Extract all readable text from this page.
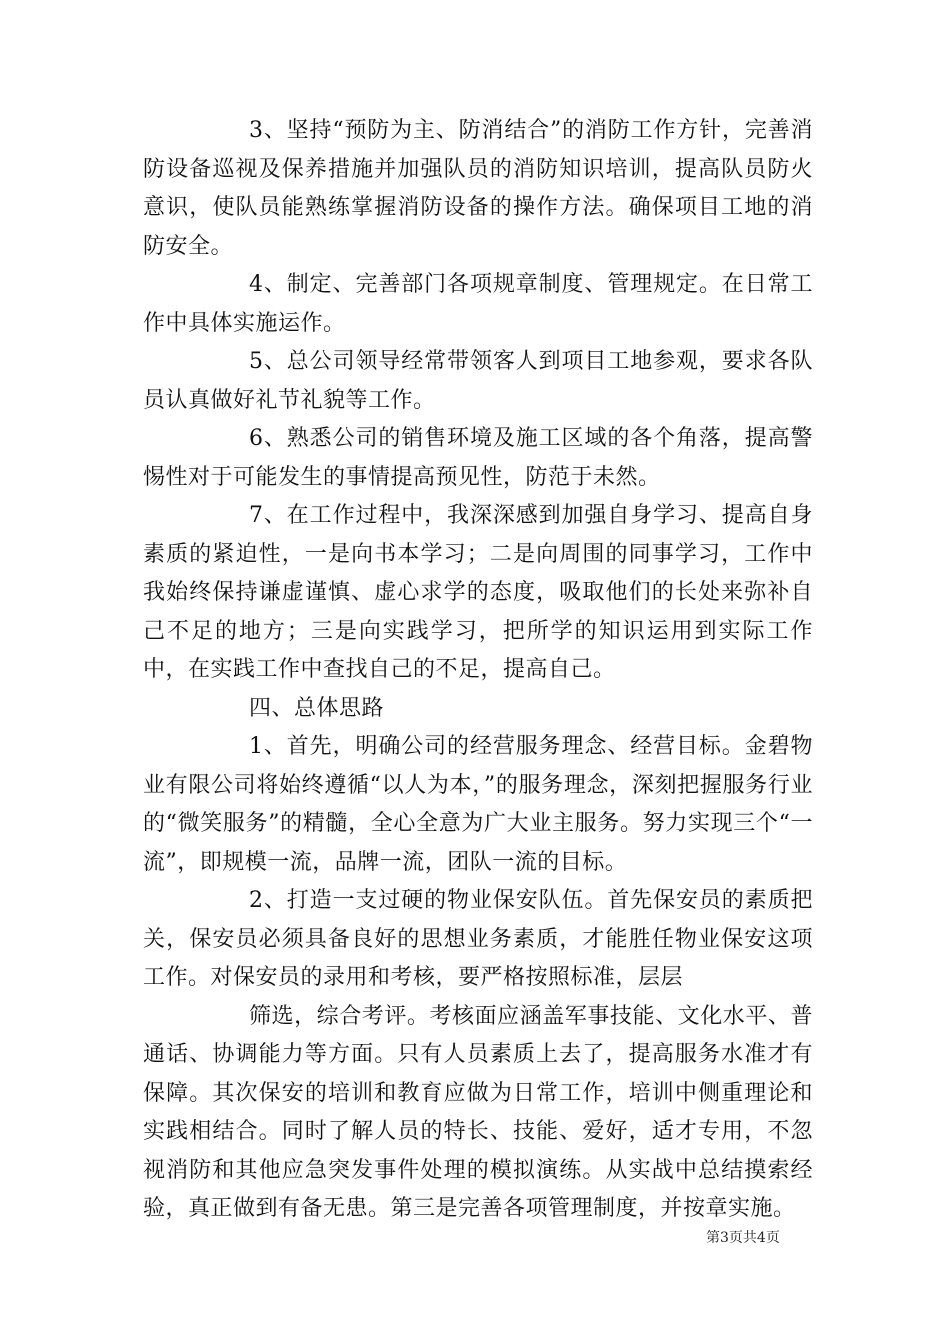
3、坚持“预防为主、防消结合”的消防工作方针，完善消防设备巡视及保养措施并加强队员的消防知识培训，提高队员防火意识，使队员能熟练掌握消防设备的操作方法。确保项目工地的消防安全。

4、制定、完善部门各项规章制度、管理规定。在日常工作中具体实施运作。

5、总公司领导经常带领客人到项目工地参观，要求各队员认真做好礼节礼貌等工作。

6、熟悉公司的销售环境及施工区域的各个角落，提高警惕性对于可能发生的事情提高预见性，防范于未然。

7、在工作过程中，我深深感到加强自身学习、提高自身素质的紧迫性，一是向书本学习；二是向周围的同事学习，工作中我始终保持谦虚谨慎、虚心求学的态度，吸取他们的长处来弥补自己不足的地方；三是向实践学习，把所学的知识运用到实际工作中，在实践工作中查找自己的不足，提高自己。

四、总体思路

1、首先，明确公司的经营服务理念、经营目标。金碧物业有限公司将始终遵循“以人为本，”的服务理念，深刻把握服务行业的“微笑服务”的精髓，全心全意为广大业主服务。努力实现三个“一流”，即规模一流，品牌一流，团队一流的目标。

2、打造一支过硬的物业保安队伍。首先保安员的素质把关，保安员必须具备良好的思想业务素质，才能胜任物业保安这项工作。对保安员的录用和考核，要严格按照标准，层层

筛选，综合考评。考核面应涵盖军事技能、文化水平、普通话、协调能力等方面。只有人员素质上去了，提高服务水准才有保障。其次保安的培训和教育应做为日常工作，培训中侧重理论和实践相结合。同时了解人员的特长、技能、爱好，适才专用，不忽视消防和其他应急突发事件处理的模拟演练。从实战中总结摸索经验，真正做到有备无患。第三是完善各项管理制度，并按章实施。

第3页共4页
